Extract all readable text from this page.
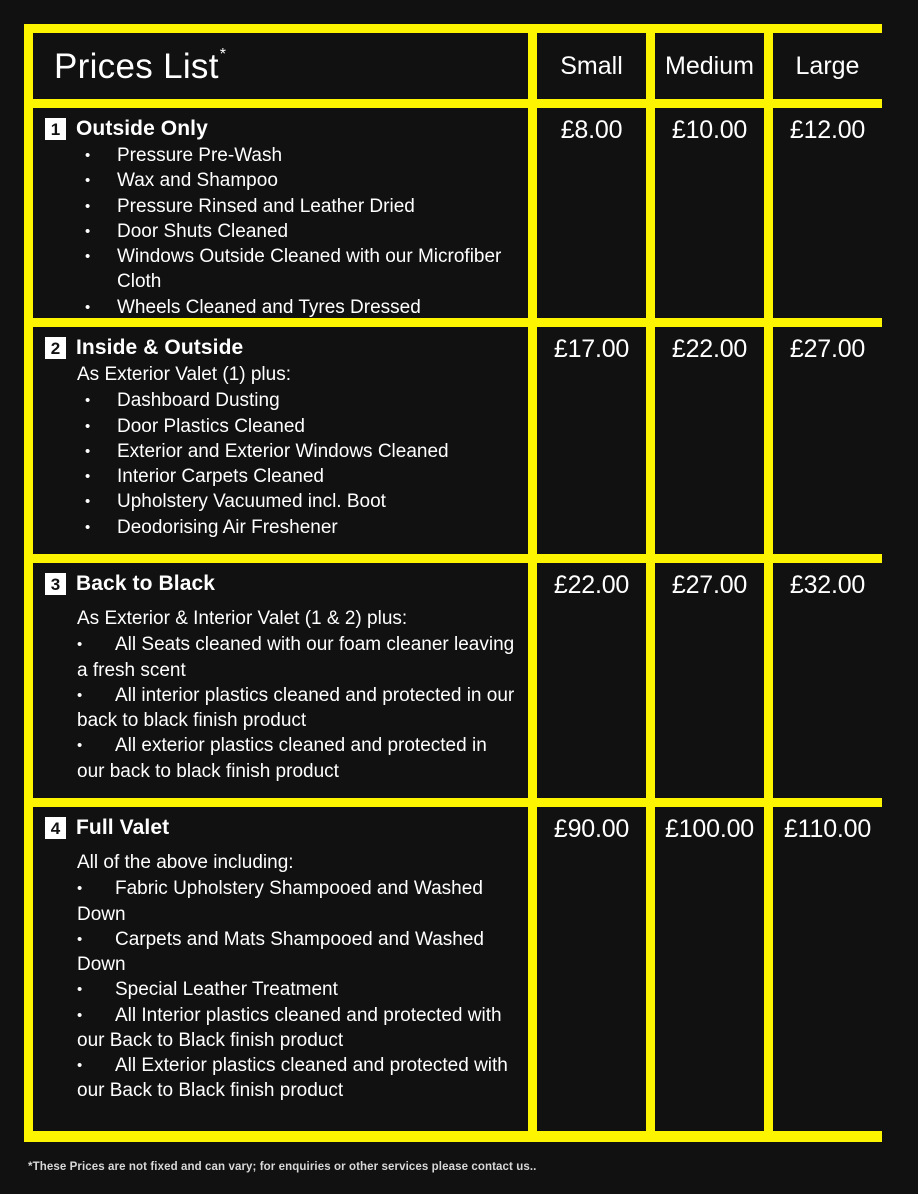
Prices List*	Small	Medium	Large
1 Outside Only
• Pressure Pre-Wash
• Wax and Shampoo
• Pressure Rinsed and Leather Dried
• Door Shuts Cleaned
• Windows Outside Cleaned with our Microfiber Cloth
• Wheels Cleaned and Tyres Dressed
£8.00	£10.00	£12.00
2 Inside & Outside
As Exterior Valet (1) plus:
• Dashboard Dusting
• Door Plastics Cleaned
• Exterior and Exterior Windows Cleaned
• Interior Carpets Cleaned
• Upholstery Vacuumed incl. Boot
• Deodorising Air Freshener
£17.00	£22.00	£27.00
3 Back to Black
As Exterior & Interior Valet (1 & 2) plus:
•	All Seats cleaned with our foam cleaner leaving a fresh scent
•	All interior plastics cleaned and protected in our back to black finish product
•	All exterior plastics cleaned and protected in our back to black finish product
£22.00	£27.00	£32.00
4 Full Valet
All of the above including:
•	Fabric Upholstery Shampooed and Washed Down
•	Carpets and Mats Shampooed and Washed Down
•	Special Leather Treatment
•	All Interior plastics cleaned and protected with our Back to Black finish product
•	All Exterior plastics cleaned and protected with our Back to Black finish product
£90.00	£100.00	£110.00
*These Prices are not fixed and can vary; for enquiries or other services please contact us..
